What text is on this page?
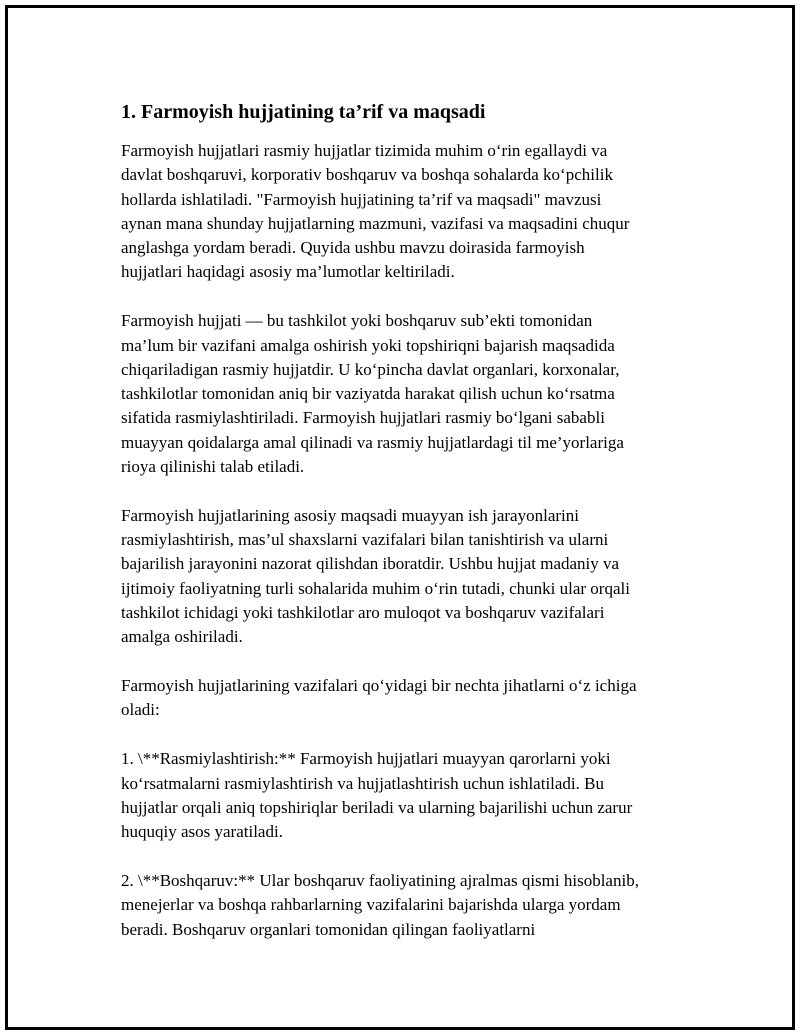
1. Farmoyish hujjatining ta’rif va maqsadi

Farmoyish hujjatlari rasmiy hujjatlar tizimida muhim o‘rin egallaydi va
davlat boshqaruvi, korporativ boshqaruv va boshqa sohalarda ko‘pchilik
hollarda ishlatiladi. "Farmoyish hujjatining ta’rif va maqsadi" mavzusi
aynan mana shunday hujjatlarning mazmuni, vazifasi va maqsadini chuqur
anglashga yordam beradi. Quyida ushbu mavzu doirasida farmoyish
hujjatlari haqidagi asosiy ma’lumotlar keltiriladi.

Farmoyish hujjati — bu tashkilot yoki boshqaruv sub’ekti tomonidan
ma’lum bir vazifani amalga oshirish yoki topshiriqni bajarish maqsadida
chiqariladigan rasmiy hujjatdir. U ko‘pincha davlat organlari, korxonalar,
tashkilotlar tomonidan aniq bir vaziyatda harakat qilish uchun ko‘rsatma
sifatida rasmiylashtiriladi. Farmoyish hujjatlari rasmiy bo‘lgani sababli
muayyan qoidalarga amal qilinadi va rasmiy hujjatlardagi til me’yorlariga
rioya qilinishi talab etiladi.

Farmoyish hujjatlarining asosiy maqsadi muayyan ish jarayonlarini
rasmiylashtirish, mas’ul shaxslarni vazifalari bilan tanishtirish va ularni
bajarilish jarayonini nazorat qilishdan iboratdir. Ushbu hujjat madaniy va
ijtimoiy faoliyatning turli sohalarida muhim o‘rin tutadi, chunki ular orqali
tashkilot ichidagi yoki tashkilotlar aro muloqot va boshqaruv vazifalari
amalga oshiriladi.

Farmoyish hujjatlarining vazifalari qo‘yidagi bir nechta jihatlarni o‘z ichiga
oladi:

1. \**Rasmiylashtirish:** Farmoyish hujjatlari muayyan qarorlarni yoki
ko‘rsatmalarni rasmiylashtirish va hujjatlashtirish uchun ishlatiladi. Bu
hujjatlar orqali aniq topshiriqlar beriladi va ularning bajarilishi uchun zarur
huquqiy asos yaratiladi.

2. \**Boshqaruv:** Ular boshqaruv faoliyatining ajralmas qismi hisoblanib,
menejerlar va boshqa rahbarlarning vazifalarini bajarishda ularga yordam
beradi. Boshqaruv organlari tomonidan qilingan faoliyatlarni
